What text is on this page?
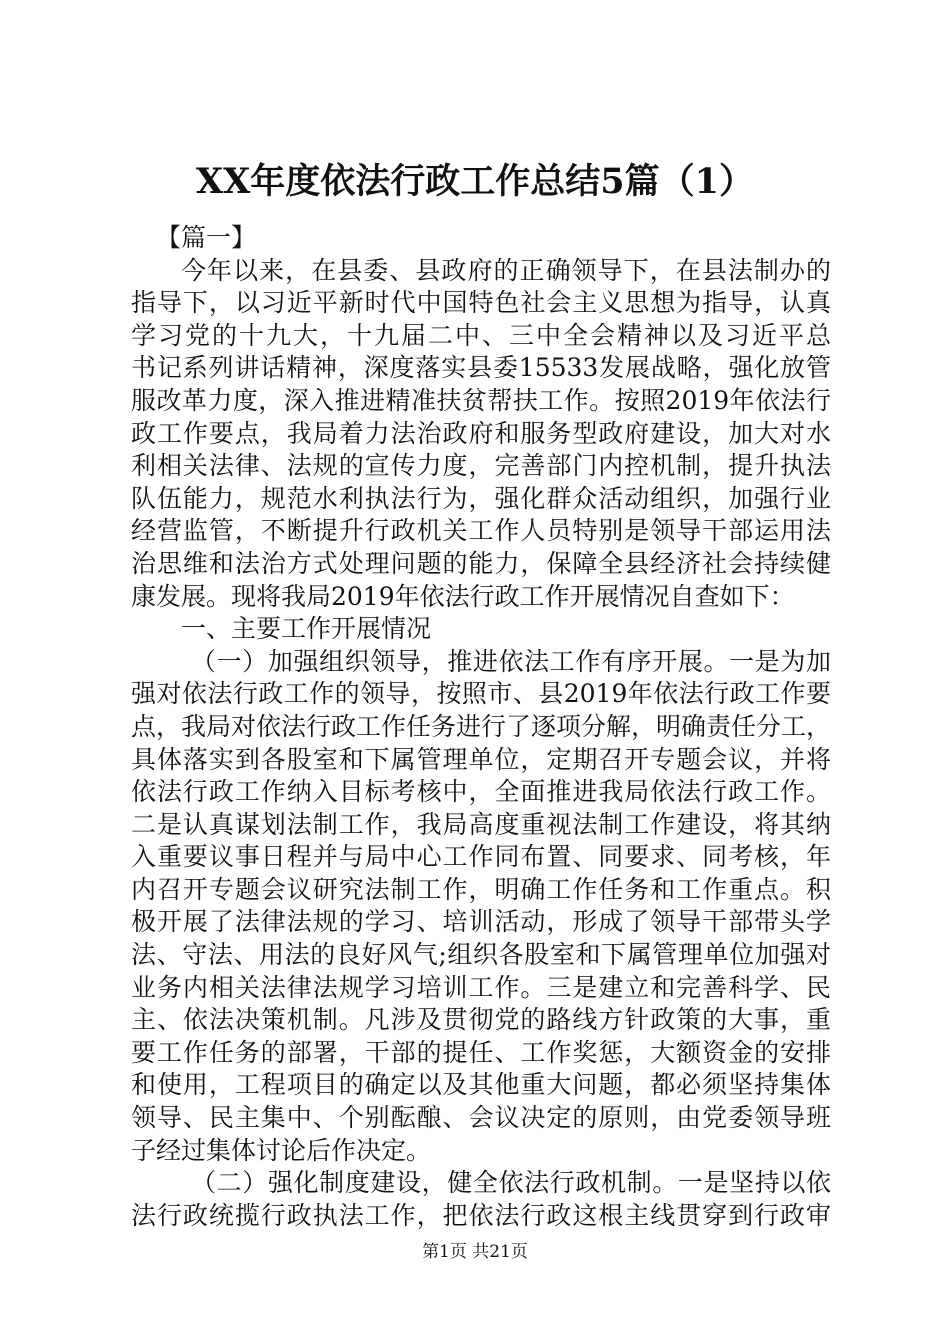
XX年度依法行政工作总结5篇（1）
【篇一】
今年以来，在县委、县政府的正确领导下，在县法制办的
指导下，以习近平新时代中国特色社会主义思想为指导，认真
学习党的十九大，十九届二中、三中全会精神以及习近平总
书记系列讲话精神，深度落实县委15533发展战略，强化放管
服改革力度，深入推进精准扶贫帮扶工作。按照2019年依法行
政工作要点，我局着力法治政府和服务型政府建设，加大对水
利相关法律、法规的宣传力度，完善部门内控机制，提升执法
队伍能力，规范水利执法行为，强化群众活动组织，加强行业
经营监管，不断提升行政机关工作人员特别是领导干部运用法
治思维和法治方式处理问题的能力，保障全县经济社会持续健
康发展。现将我局2019年依法行政工作开展情况自查如下：
一、主要工作开展情况
（一）加强组织领导，推进依法工作有序开展。一是为加
强对依法行政工作的领导，按照市、县2019年依法行政工作要
点，我局对依法行政工作任务进行了逐项分解，明确责任分工，
具体落实到各股室和下属管理单位，定期召开专题会议，并将
依法行政工作纳入目标考核中，全面推进我局依法行政工作。
二是认真谋划法制工作，我局高度重视法制工作建设，将其纳
入重要议事日程并与局中心工作同布置、同要求、同考核，年
内召开专题会议研究法制工作，明确工作任务和工作重点。积
极开展了法律法规的学习、培训活动，形成了领导干部带头学
法、守法、用法的良好风气;组织各股室和下属管理单位加强对
业务内相关法律法规学习培训工作。三是建立和完善科学、民
主、依法决策机制。凡涉及贯彻党的路线方针政策的大事，重
要工作任务的部署，干部的提任、工作奖惩，大额资金的安排
和使用，工程项目的确定以及其他重大问题，都必须坚持集体
领导、民主集中、个别酝酿、会议决定的原则，由党委领导班
子经过集体讨论后作决定。
（二）强化制度建设，健全依法行政机制。一是坚持以依
法行政统揽行政执法工作，把依法行政这根主线贯穿到行政审
第1页 共21页
